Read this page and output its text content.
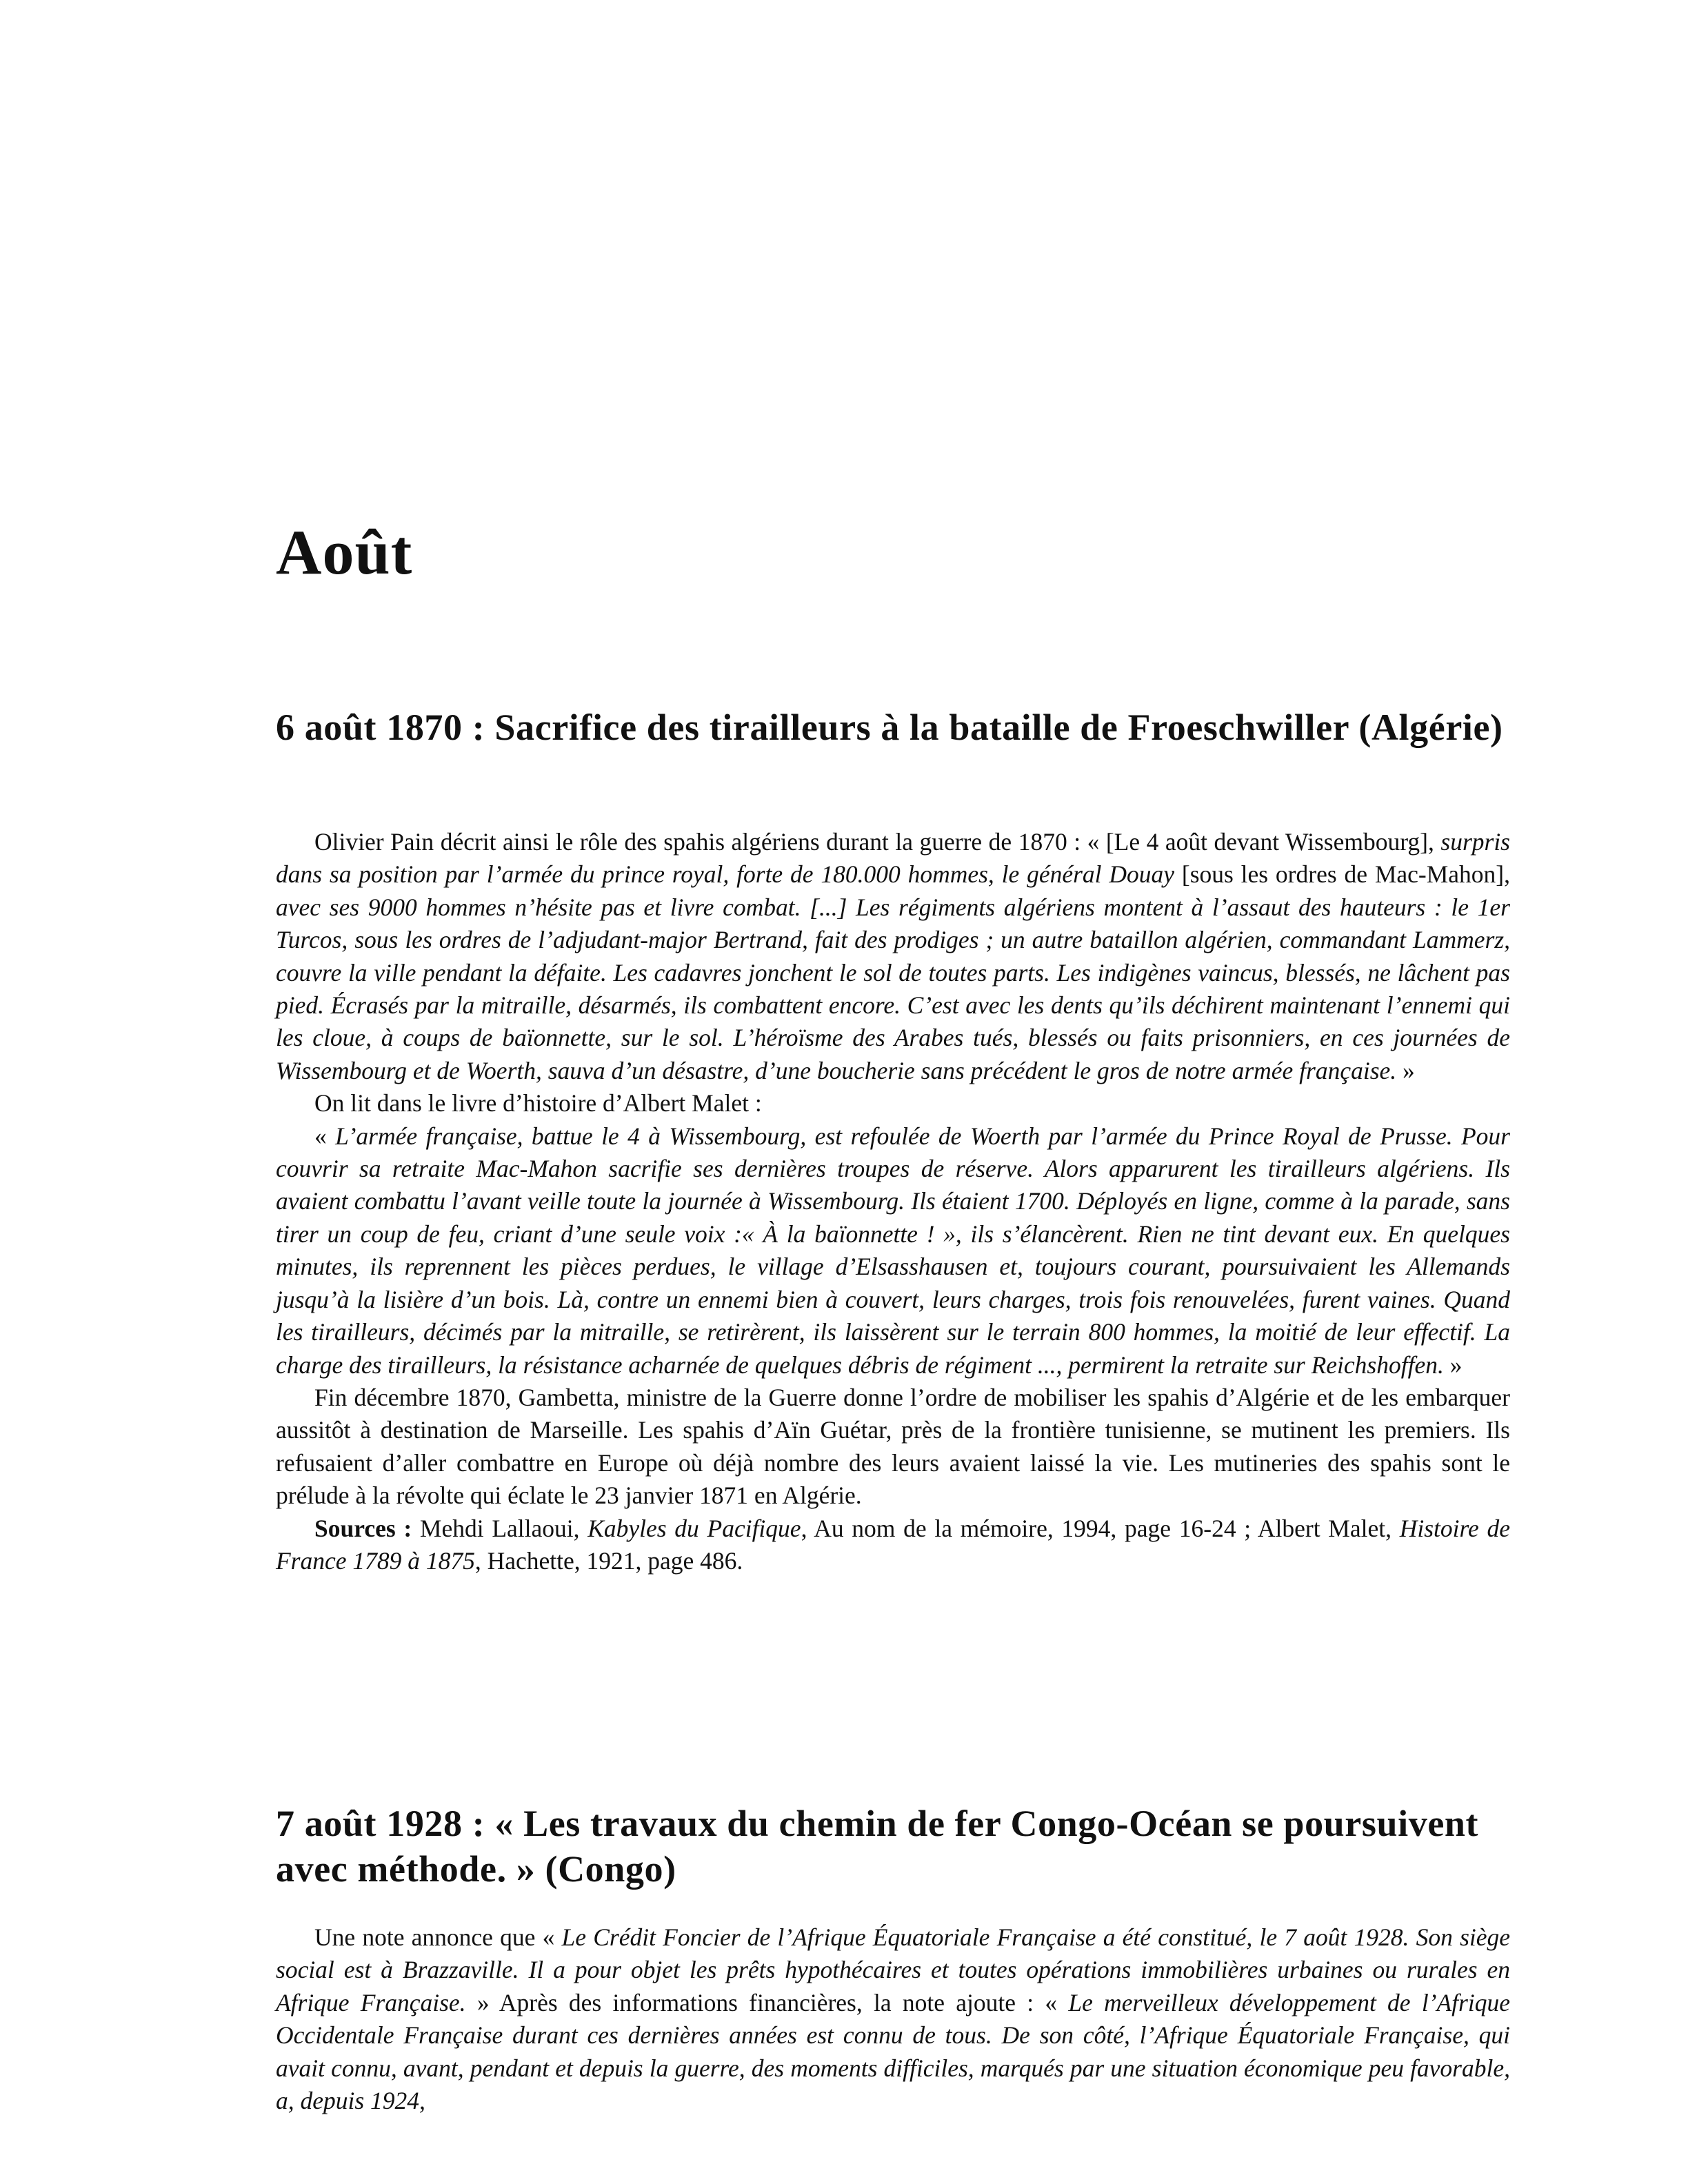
Août
6 août 1870 : Sacrifice des tirailleurs à la bataille de Froeschwiller (Algérie)

Olivier Pain décrit ainsi le rôle des spahis algériens durant la guerre de 1870 : « [Le 4 août devant Wissembourg], surpris dans sa position par l’armée du prince royal, forte de 180.000 hommes, le général Douay [sous les ordres de Mac-Mahon], avec ses 9000 hommes n’hésite pas et livre combat. [...] Les régiments algériens montent à l’assaut des hauteurs : le 1er Turcos, sous les ordres de l’adjudant-major Bertrand, fait des prodiges ; un autre bataillon algérien, commandant Lammerz, couvre la ville pendant la défaite. Les cadavres jonchent le sol de toutes parts. Les indigènes vaincus, blessés, ne lâchent pas pied. Écrasés par la mitraille, désarmés, ils combattent encore. C’est avec les dents qu’ils déchirent maintenant l’ennemi qui les cloue, à coups de baïonnette, sur le sol. L’héroïsme des Arabes tués, blessés ou faits prisonniers, en ces journées de Wissembourg et de Woerth, sauva d’un désastre, d’une boucherie sans précédent le gros de notre armée française. »

On lit dans le livre d’histoire d’Albert Malet :

« L’armée française, battue le 4 à Wissembourg, est refoulée de Woerth par l’armée du Prince Royal de Prusse. Pour couvrir sa retraite Mac-Mahon sacrifie ses dernières troupes de réserve. Alors apparurent les tirailleurs algériens. Ils avaient combattu l’avant veille toute la journée à Wissembourg. Ils étaient 1700. Déployés en ligne, comme à la parade, sans tirer un coup de feu, criant d’une seule voix :« À la baïonnette ! », ils s’élancèrent. Rien ne tint devant eux. En quelques minutes, ils reprennent les pièces perdues, le village d’Elsasshausen et, toujours courant, poursuivaient les Allemands jusqu’à la lisière d’un bois. Là, contre un ennemi bien à couvert, leurs charges, trois fois renouvelées, furent vaines. Quand les tirailleurs, décimés par la mitraille, se retirèrent, ils laissèrent sur le terrain 800 hommes, la moitié de leur effectif. La charge des tirailleurs, la résistance acharnée de quelques débris de régiment ..., permirent la retraite sur Reichshoffen. »

Fin décembre 1870, Gambetta, ministre de la Guerre donne l’ordre de mobiliser les spahis d’Algérie et de les embarquer aussitôt à destination de Marseille. Les spahis d’Aïn Guétar, près de la frontière tunisienne, se mutinent les premiers. Ils refusaient d’aller combattre en Europe où déjà nombre des leurs avaient laissé la vie. Les mutineries des spahis sont le prélude à la révolte qui éclate le 23 janvier 1871 en Algérie.

Sources : Mehdi Lallaoui, Kabyles du Pacifique, Au nom de la mémoire, 1994, page 16-24 ; Albert Malet, Histoire de France 1789 à 1875, Hachette, 1921, page 486.

7 août 1928 : « Les travaux du chemin de fer Congo-Océan se poursuivent avec méthode. » (Congo)

Une note annonce que « Le Crédit Foncier de l’Afrique Équatoriale Française a été constitué, le 7 août 1928. Son siège social est à Brazzaville. Il a pour objet les prêts hypothécaires et toutes opérations immobilières urbaines ou rurales en Afrique Française. » Après des informations financières, la note ajoute : « Le merveilleux développement de l’Afrique Occidentale Française durant ces dernières années est connu de tous. De son côté, l’Afrique Équatoriale Française, qui avait connu, avant, pendant et depuis la guerre, des moments difficiles, marqués par une situation économique peu favorable, a, depuis 1924,
